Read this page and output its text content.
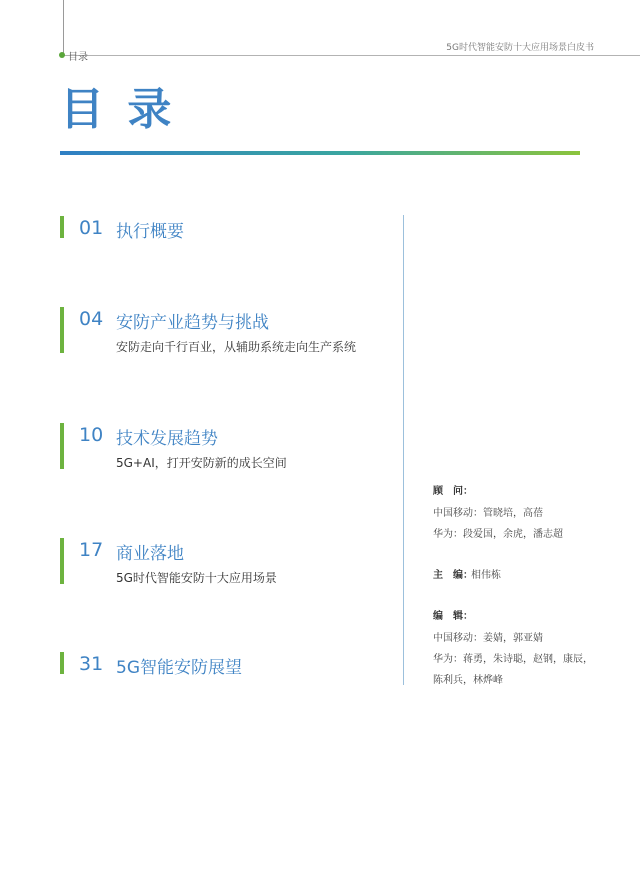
目录
5G时代智能安防十大应用场景白皮书
目 录
01 执行概要
04 安防产业趋势与挑战
安防走向千行百业，从辅助系统走向生产系统
10 技术发展趋势
5G+AI，打开安防新的成长空间
17 商业落地
5G时代智能安防十大应用场景
31 5G智能安防展望
顾　问：
中国移动：管晓培，高蓓
华为：段爱国，余虎，潘志超
主　编：
相伟栋
编　辑：
中国移动：姜婧，郭亚婧
华为：蒋勇，朱诗聪，赵钢，康辰，
陈利兵，林烨峰
